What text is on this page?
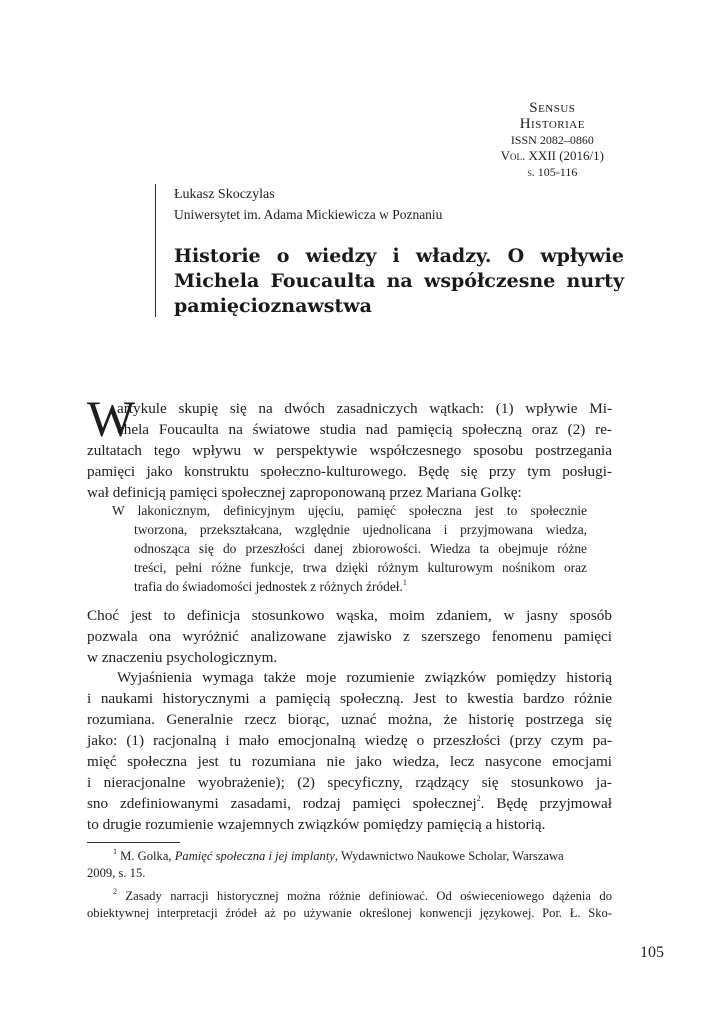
Sensus
Historiae
ISSN 2082–0860
Vol. XXII (2016/1)
s. 105-116
Łukasz Skoczylas
Uniwersytet im. Adama Mickiewicza w Poznaniu
Historie o wiedzy i władzy. O wpływie
Michela Foucaulta na współczesne nurty
pamięcioznawstwa
W
artykule skupię się na dwóch zasadniczych wątkach: (1) wpływie Mi-
chela Foucaulta na światowe studia nad pamięcią społeczną oraz (2) re-
zultatach tego wpływu w perspektywie współczesnego sposobu postrzegania
pamięci jako konstruktu społeczno-kulturowego. Będę się przy tym posługi-
wał definicją pamięci społecznej zaproponowaną przez Mariana Golkę:
W lakonicznym, definicyjnym ujęciu, pamięć społeczna jest to społecznie
tworzona, przekształcana, względnie ujednolicana i przyjmowana wiedza,
odnosząca się do przeszłości danej zbiorowości. Wiedza ta obejmuje różne
treści, pełni różne funkcje, trwa dzięki różnym kulturowym nośnikom oraz
trafia do świadomości jednostek z różnych źródeł.$^1$
Choć jest to definicja stosunkowo wąska, moim zdaniem, w jasny sposób
pozwala ona wyróżnić analizowane zjawisko z szerszego fenomenu pamięci
w znaczeniu psychologicznym.
Wyjaśnienia wymaga także moje rozumienie związków pomiędzy historią
i naukami historycznymi a pamięcią społeczną. Jest to kwestia bardzo różnie
rozumiana. Generalnie rzecz biorąc, uznać można, że historię postrzega się
jako: (1) racjonalną i mało emocjonalną wiedzę o przeszłości (przy czym pa-
mięć społeczna jest tu rozumiana nie jako wiedza, lecz nasycone emocjami
i nieracjonalne wyobrażenie); (2) specyficzny, rządzący się stosunkowo ja-
sno zdefiniowanymi zasadami, rodzaj pamięci społecznej$^2$. Będę przyjmował
to drugie rozumienie wzajemnych związków pomiędzy pamięcią a historią.
$^1$ M. Golka, Pamięć społeczna i jej implanty, Wydawnictwo Naukowe Scholar, Warszawa
2009, s. 15.
$^2$ Zasady narracji historycznej można różnie definiować. Od oświeceniowego dążenia do
obiektywnej interpretacji źródeł aż po używanie określonej konwencji językowej. Por. Ł. Sko-
105
